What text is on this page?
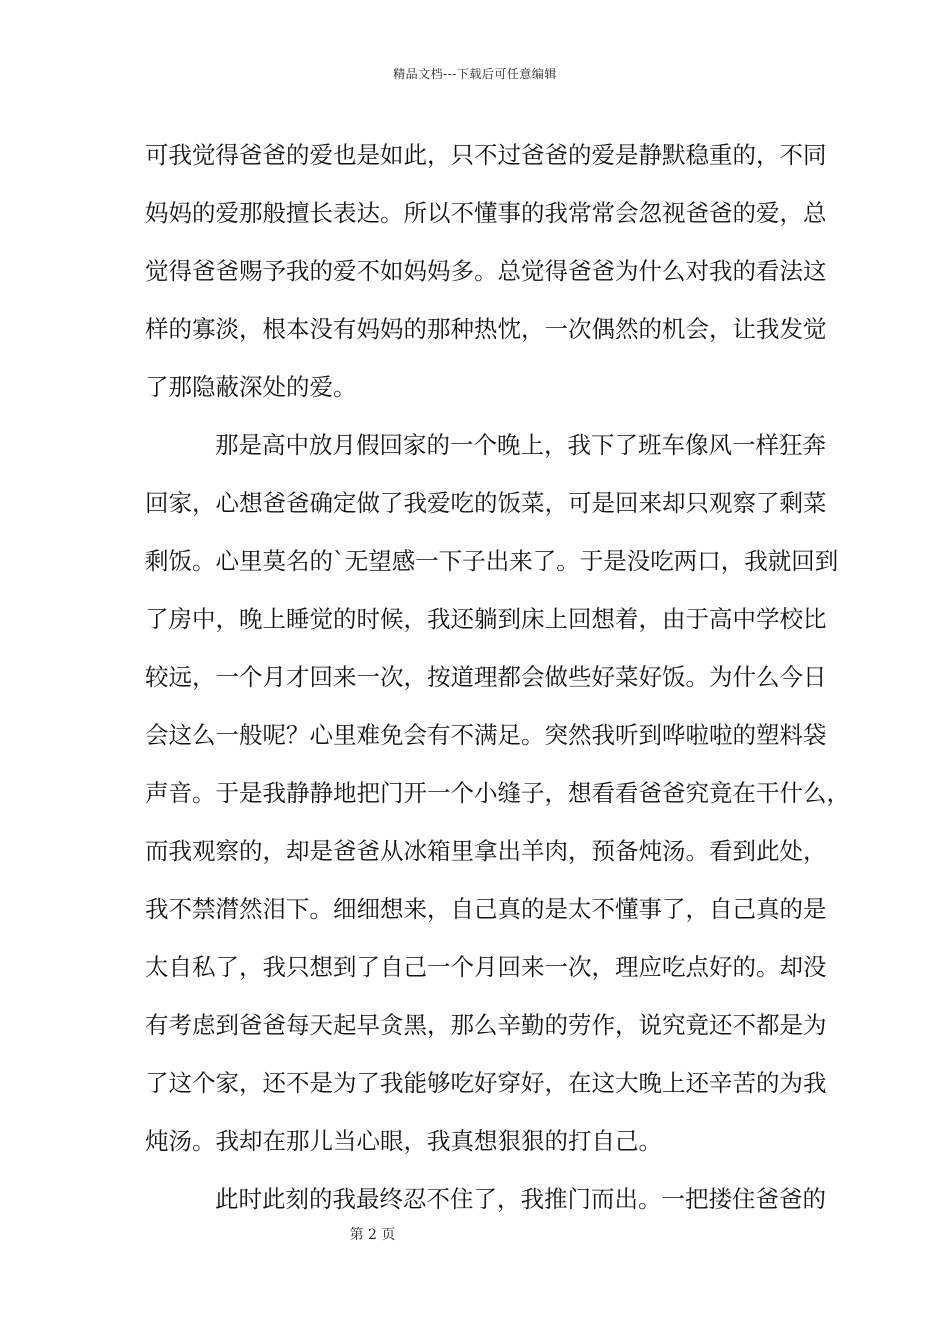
精品文档---下载后可任意编辑
可我觉得爸爸的爱也是如此，只不过爸爸的爱是静默稳重的，不同
妈妈的爱那般擅长表达。所以不懂事的我常常会忽视爸爸的爱，总
觉得爸爸赐予我的爱不如妈妈多。总觉得爸爸为什么对我的看法这
样的寡淡，根本没有妈妈的那种热忱，一次偶然的机会，让我发觉
了那隐蔽深处的爱。
那是高中放月假回家的一个晚上，我下了班车像风一样狂奔
回家，心想爸爸确定做了我爱吃的饭菜，可是回来却只观察了剩菜
剩饭。心里莫名的`无望感一下子出来了。于是没吃两口，我就回到
了房中，晚上睡觉的时候，我还躺到床上回想着，由于高中学校比
较远，一个月才回来一次，按道理都会做些好菜好饭。为什么今日
会这么一般呢？心里难免会有不满足。突然我听到哗啦啦的塑料袋
声音。于是我静静地把门开一个小缝子，想看看爸爸究竟在干什么，
而我观察的，却是爸爸从冰箱里拿出羊肉，预备炖汤。看到此处，
我不禁潸然泪下。细细想来，自己真的是太不懂事了，自己真的是
太自私了，我只想到了自己一个月回来一次，理应吃点好的。却没
有考虑到爸爸每天起早贪黑，那么辛勤的劳作，说究竟还不都是为
了这个家，还不是为了我能够吃好穿好，在这大晚上还辛苦的为我
炖汤。我却在那儿当心眼，我真想狠狠的打自己。
此时此刻的我最终忍不住了，我推门而出。一把搂住爸爸的
第 2 页
